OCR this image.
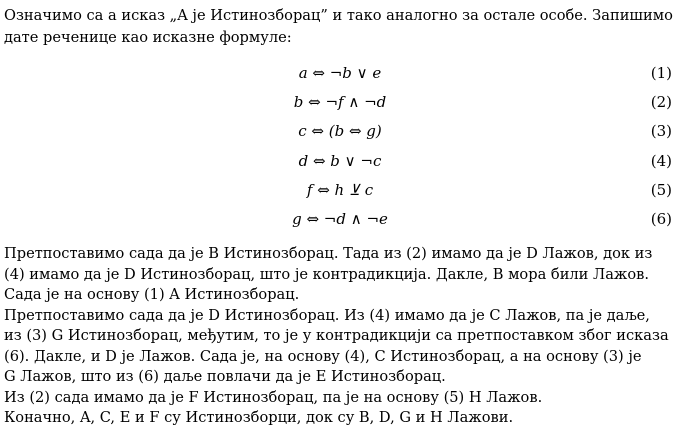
Означимо са a исказ „A је Истинозборац” и тако аналогно за остале особе. Запишимо

дате реченице као исказне формуле:

a ⇔ ¬b ∨ e	(1)
b ⇔ ¬f ∧ ¬d	(2)
c ⇔ (b ⇔ g)	(3)
d ⇔ b ∨ ¬c	(4)
f ⇔ h ⊻ c	(5)
g ⇔ ¬d ∧ ¬e	(6)

Претпоставимо сада да је B Истинозборац. Тада из (2) имамо да је D Лажов, док из

(4) имамо да је D Истинозборац, што је контрадикција. Дакле, B мора били Лажов.

Сада је на основу (1) A Истинозборац.

Претпоставимо сада да је D Истинозборац. Из (4) имамо да је C Лажов, па је даље,

из (3) G Истинозборац, међутим, то је у контрадикцији са претпоставком због исказа

(6). Дакле, и D је Лажов. Сада је, на основу (4), C Истинозборац, а на основу (3) је

G Лажов, што из (6) даље повлачи да је E Истинозборац.

Из (2) сада имамо да је F Истинозборац, па је на основу (5) H Лажов.

Коначно, A, C, E и F су Истинозборци, док су B, D, G и H Лажови.
